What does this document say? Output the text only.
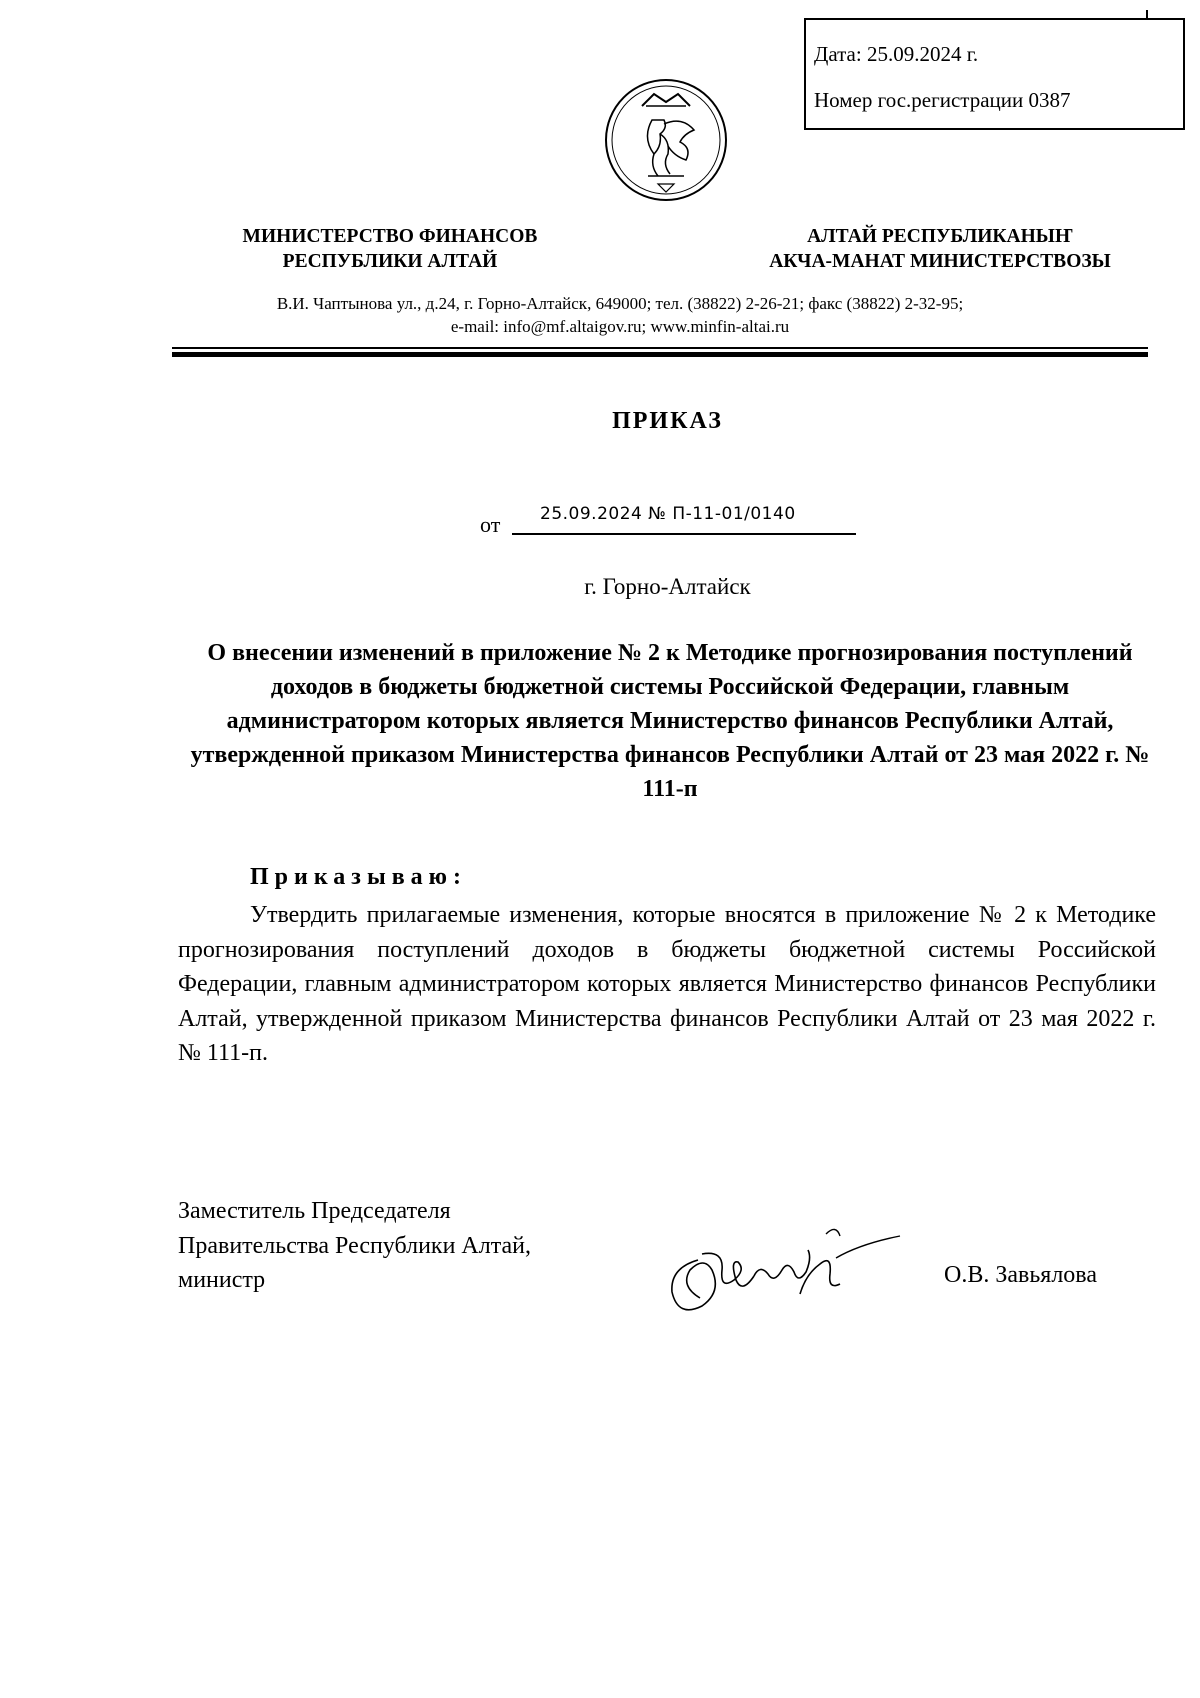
Дата: 25.09.2024 г.
Номер гос.регистрации 0387
МИНИСТЕРСТВО ФИНАНСОВ
РЕСПУБЛИКИ АЛТАЙ
АЛТАЙ РЕСПУБЛИКАНЫҤ
АКЧА-МАНАТ МИНИСТЕРСТВОЗЫ
В.И. Чаптынова ул., д.24, г. Горно-Алтайск, 649000; тел. (38822) 2-26-21; факс (38822) 2-32-95;
e-mail: info@mf.altaigov.ru; www.minfin-altai.ru
ПРИКАЗ
от 25.09.2024 № П-11-01/0140
г. Горно-Алтайск
О внесении изменений в приложение № 2 к Методике прогнозирования поступлений доходов в бюджеты бюджетной системы Российской Федерации, главным администратором которых является Министерство финансов Республики Алтай, утвержденной приказом Министерства финансов Республики Алтай от 23 мая 2022 г. № 111-п
Приказываю:
Утвердить прилагаемые изменения, которые вносятся в приложение № 2 к Методике прогнозирования поступлений доходов в бюджеты бюджетной системы Российской Федерации, главным администратором которых является Министерство финансов Республики Алтай, утвержденной приказом Министерства финансов Республики Алтай от 23 мая 2022 г. № 111-п.
Заместитель Председателя
Правительства Республики Алтай,
министр	О.В. Завьялова
